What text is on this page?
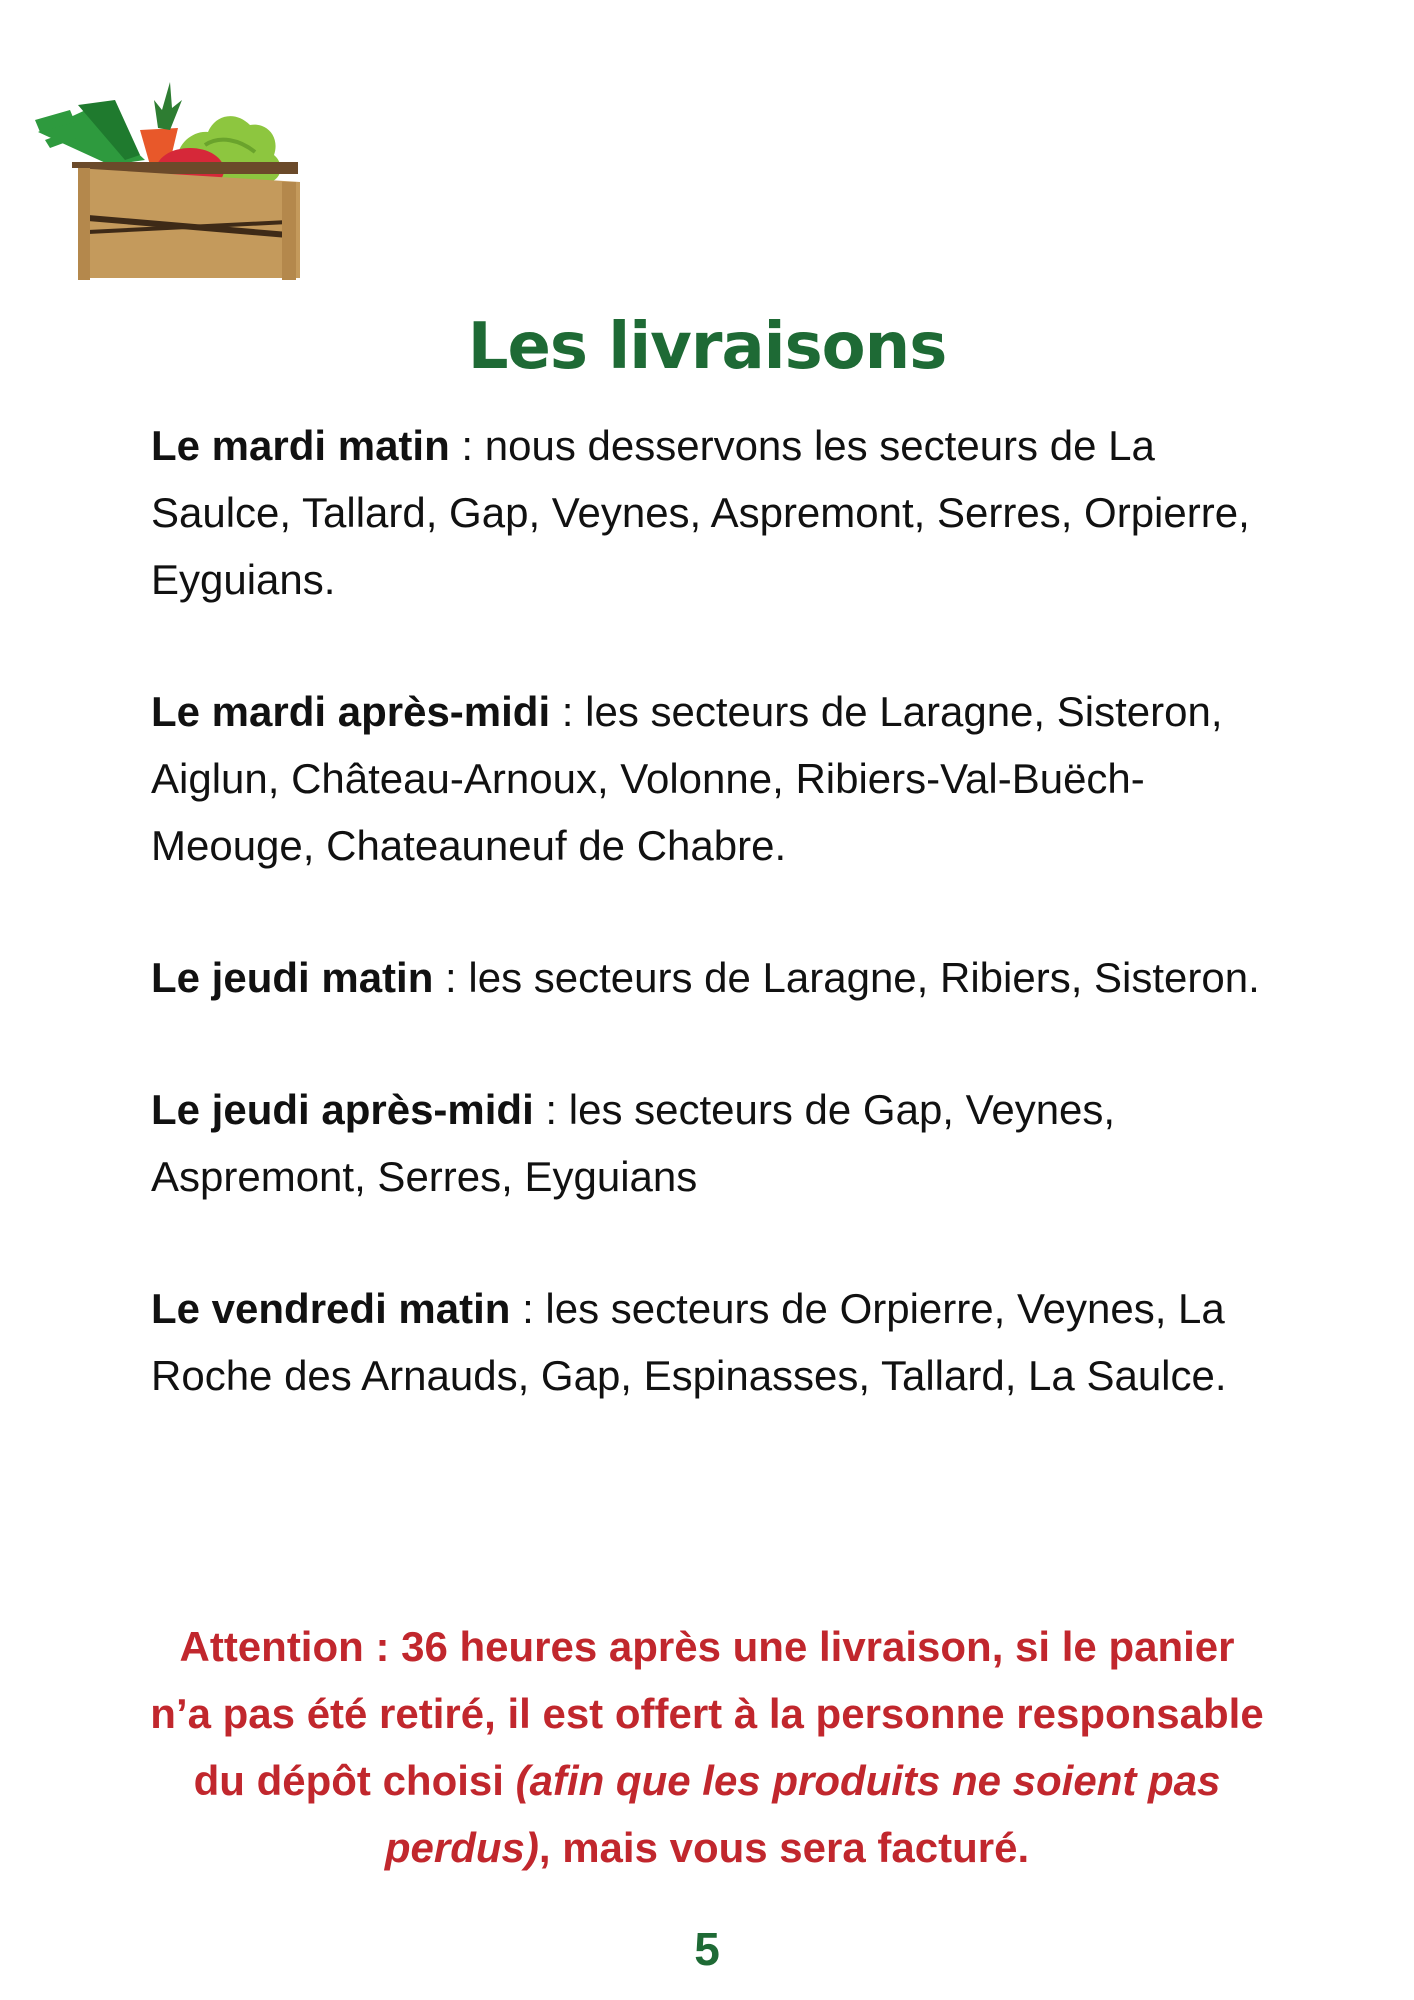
Les livraisons

Le mardi matin : nous desservons les secteurs de La Saulce, Tallard, Gap, Veynes, Aspremont, Serres, Orpierre, Eyguians.

Le mardi après-midi : les secteurs de Laragne, Sisteron, Aiglun, Château-Arnoux, Volonne, Ribiers-Val-Buëch-Meouge, Chateauneuf de Chabre.

Le jeudi matin : les secteurs de Laragne, Ribiers, Sisteron.

Le jeudi après-midi : les secteurs de Gap, Veynes, Aspremont, Serres, Eyguians

Le vendredi matin : les secteurs de Orpierre, Veynes, La Roche des Arnauds, Gap, Espinasses, Tallard, La Saulce.

Attention : 36 heures après une livraison, si le panier n’a pas été retiré, il est offert à la personne responsable du dépôt choisi (afin que les produits ne soient pas perdus), mais vous sera facturé.

5
